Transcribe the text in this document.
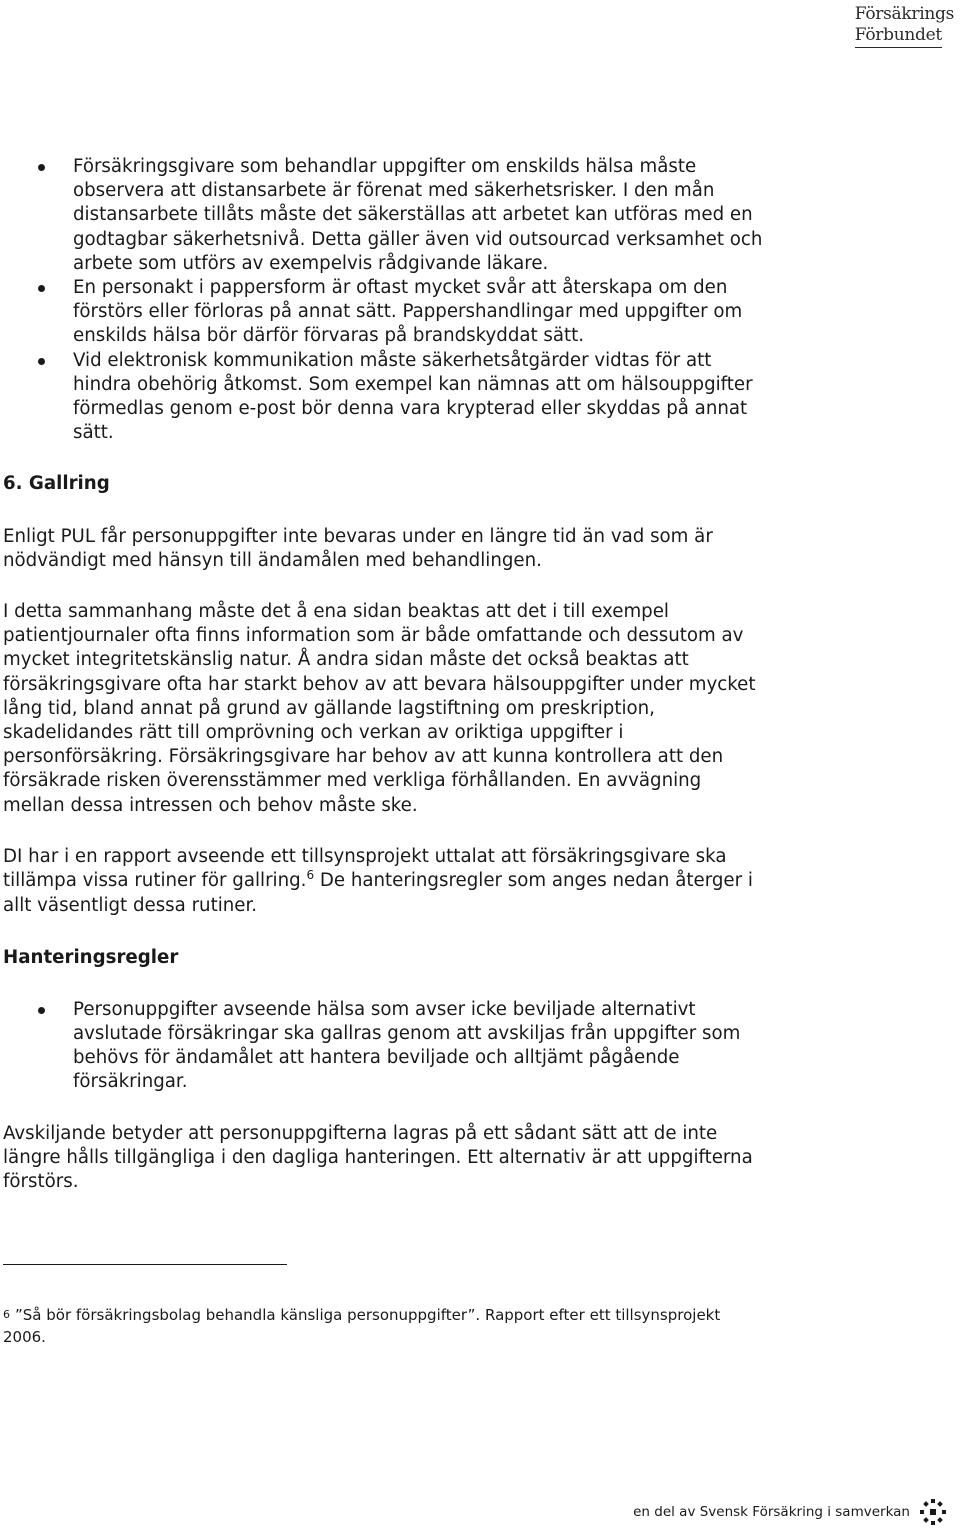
Försäkrings
Förbundet
Försäkringsgivare som behandlar uppgifter om enskilds hälsa måste observera att distansarbete är förenat med säkerhetsrisker. I den mån distansarbete tillåts måste det säkerställas att arbetet kan utföras med en godtagbar säkerhetsnivå. Detta gäller även vid outsourcad verksamhet och arbete som utförs av exempelvis rådgivande läkare.
En personakt i pappersform är oftast mycket svår att återskapa om den förstörs eller förloras på annat sätt. Pappershandlingar med uppgifter om enskilds hälsa bör därför förvaras på brandskyddat sätt.
Vid elektronisk kommunikation måste säkerhetsåtgärder vidtas för att hindra obehörig åtkomst. Som exempel kan nämnas att om hälsouppgifter förmedlas genom e-post bör denna vara krypterad eller skyddas på annat sätt.

6. Gallring

Enligt PUL får personuppgifter inte bevaras under en längre tid än vad som är nödvändigt med hänsyn till ändamålen med behandlingen.

I detta sammanhang måste det å ena sidan beaktas att det i till exempel patientjournaler ofta finns information som är både omfattande och dessutom av mycket integritetskänslig natur. Å andra sidan måste det också beaktas att försäkringsgivare ofta har starkt behov av att bevara hälsouppgifter under mycket lång tid, bland annat på grund av gällande lagstiftning om preskription, skadelidandes rätt till omprövning och verkan av oriktiga uppgifter i personförsäkring. Försäkringsgivare har behov av att kunna kontrollera att den försäkrade risken överensstämmer med verkliga förhållanden. En avvägning mellan dessa intressen och behov måste ske.

DI har i en rapport avseende ett tillsynsprojekt uttalat att försäkringsgivare ska tillämpa vissa rutiner för gallring.$^6$ De hanteringsregler som anges nedan återger i allt väsentligt dessa rutiner.

Hanteringsregler

Personuppgifter avseende hälsa som avser icke beviljade alternativt avslutade försäkringar ska gallras genom att avskiljas från uppgifter som behövs för ändamålet att hantera beviljade och alltjämt pågående försäkringar.

Avskiljande betyder att personuppgifterna lagras på ett sådant sätt att de inte längre hålls tillgängliga i den dagliga hanteringen. Ett alternativ är att uppgifterna förstörs.

$^6$ ”Så bör försäkringsbolag behandla känsliga personuppgifter”. Rapport efter ett tillsynsprojekt 2006.

en del av Svensk Försäkring i samverkan
